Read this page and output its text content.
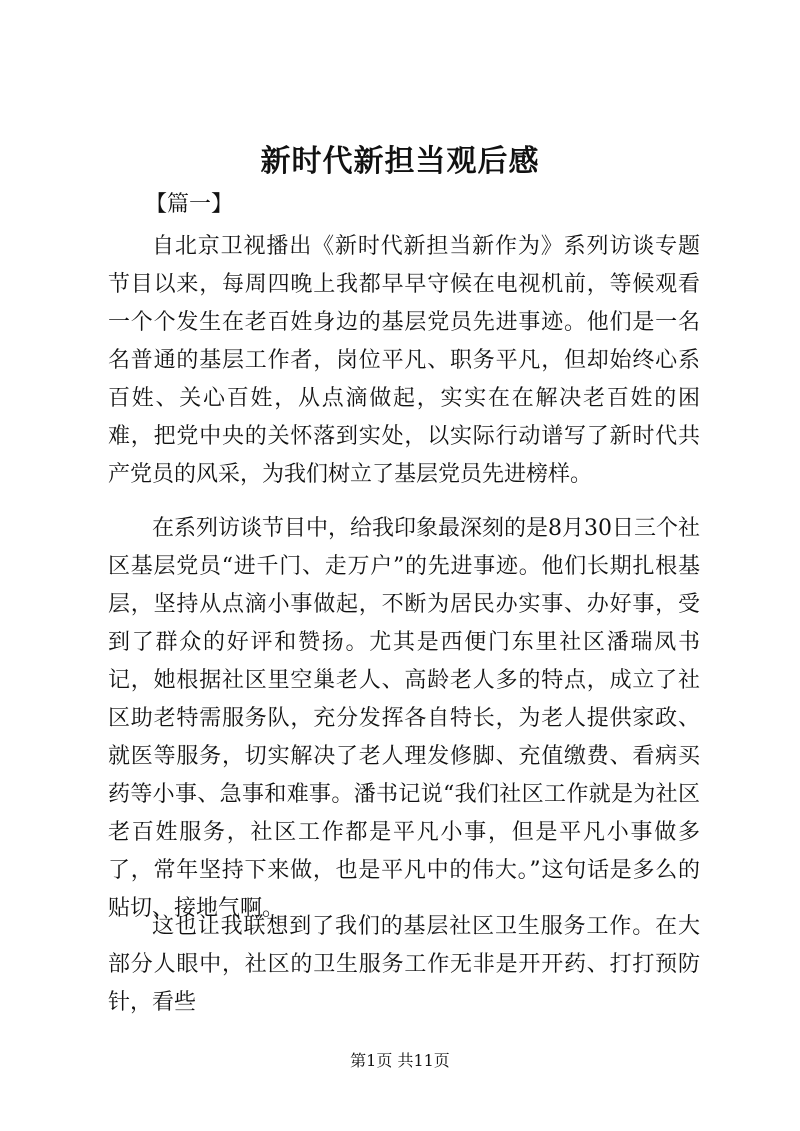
新时代新担当观后感
【篇一】

自北京卫视播出《新时代新担当新作为》系列访谈专题节目以来，每周四晚上我都早早守候在电视机前，等候观看一个个发生在老百姓身边的基层党员先进事迹。他们是一名名普通的基层工作者，岗位平凡、职务平凡，但却始终心系百姓、关心百姓，从点滴做起，实实在在解决老百姓的困难，把党中央的关怀落到实处，以实际行动谱写了新时代共产党员的风采，为我们树立了基层党员先进榜样。

在系列访谈节目中，给我印象最深刻的是8月30日三个社区基层党员“进千门、走万户”的先进事迹。他们长期扎根基层，坚持从点滴小事做起，不断为居民办实事、办好事，受到了群众的好评和赞扬。尤其是西便门东里社区潘瑞凤书记，她根据社区里空巢老人、高龄老人多的特点，成立了社区助老特需服务队，充分发挥各自特长，为老人提供家政、就医等服务，切实解决了老人理发修脚、充值缴费、看病买药等小事、急事和难事。潘书记说“我们社区工作就是为社区老百姓服务，社区工作都是平凡小事，但是平凡小事做多了，常年坚持下来做，也是平凡中的伟大。”这句话是多么的贴切、接地气啊。

这也让我联想到了我们的基层社区卫生服务工作。在大部分人眼中，社区的卫生服务工作无非是开开药、打打预防针，看些

第1页 共11页
